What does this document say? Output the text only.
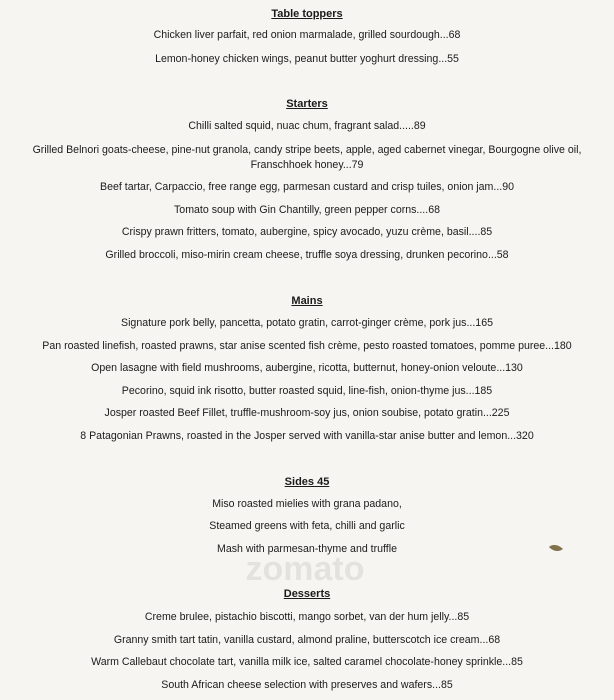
Table toppers
Chicken liver parfait, red onion marmalade, grilled sourdough...68
Lemon-honey chicken wings, peanut butter yoghurt dressing...55
Starters
Chilli salted squid, nuac chum, fragrant salad.....89
Grilled Belnori goats-cheese, pine-nut granola, candy stripe beets, apple, aged cabernet vinegar, Bourgogne olive oil, Franschhoek honey...79
Beef tartar, Carpaccio, free range egg, parmesan custard and crisp tuiles, onion jam...90
Tomato soup with Gin Chantilly, green pepper corns....68
Crispy prawn fritters, tomato, aubergine, spicy avocado, yuzu crème, basil....85
Grilled broccoli, miso-mirin cream cheese, truffle soya dressing, drunken pecorino...58
Mains
Signature pork belly, pancetta, potato gratin, carrot-ginger crème, pork jus...165
Pan roasted linefish, roasted prawns, star anise scented fish crème, pesto roasted tomatoes, pomme puree...180
Open lasagne with field mushrooms, aubergine, ricotta, butternut, honey-onion veloute...130
Pecorino, squid ink risotto, butter roasted squid, line-fish, onion-thyme jus...185
Josper roasted Beef Fillet, truffle-mushroom-soy jus, onion soubise, potato gratin...225
8 Patagonian Prawns, roasted in the Josper served with vanilla-star anise butter and lemon...320
Sides 45
Miso roasted mielies with grana padano,
Steamed greens with feta, chilli and garlic
Mash with parmesan-thyme and truffle
Desserts
Creme brulee, pistachio biscotti, mango sorbet, van der hum jelly...85
Granny smith tart tatin, vanilla custard, almond praline, butterscotch ice cream...68
Warm Callebaut chocolate tart, vanilla milk ice, salted caramel chocolate-honey sprinkle...85
South African cheese selection with preserves and wafers...85
zomato
